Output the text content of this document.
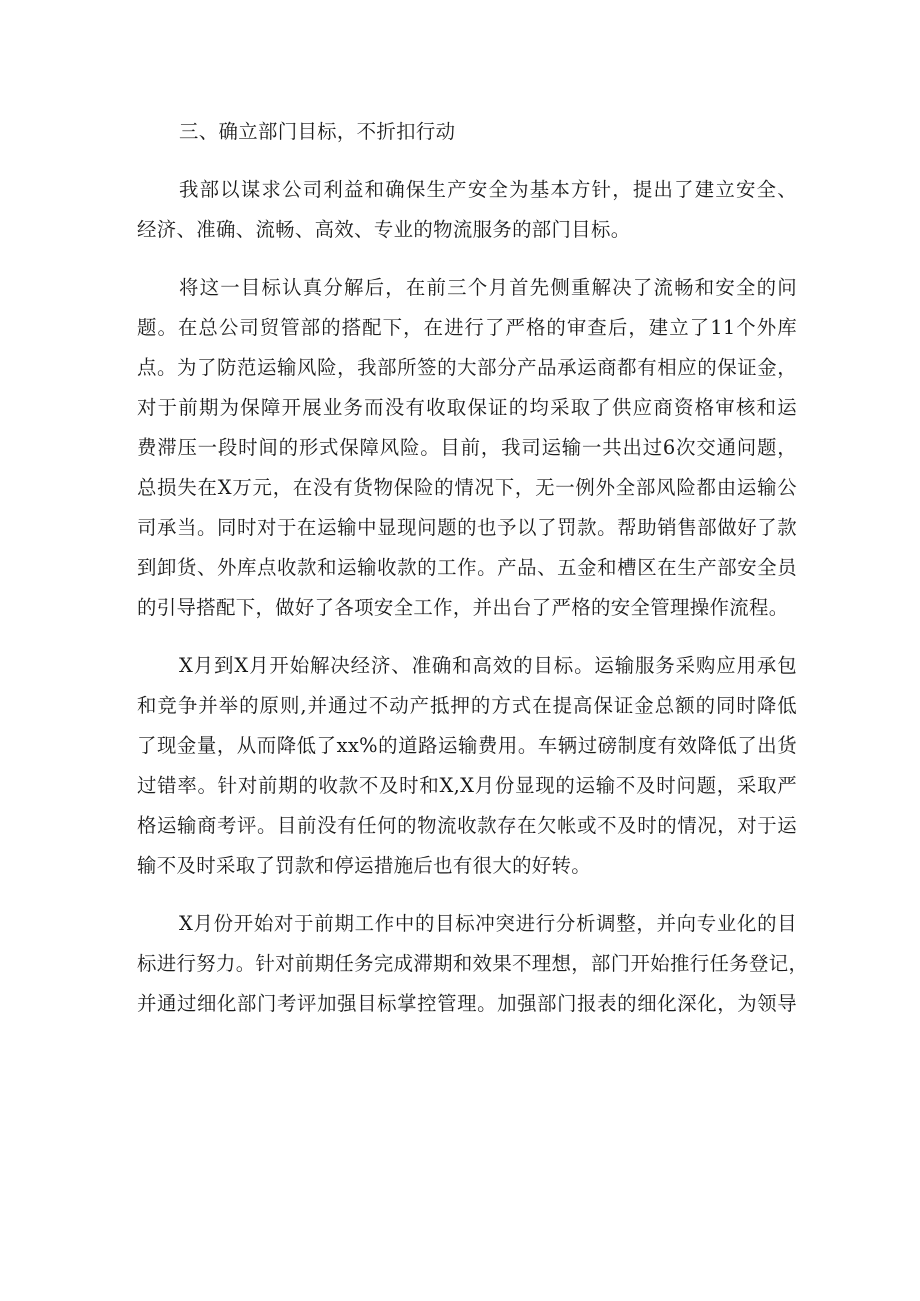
三、确立部门目标，不折扣行动
我部以谋求公司利益和确保生产安全为基本方针，提出了建立安全、
经济、准确、流畅、高效、专业的物流服务的部门目标。
将这一目标认真分解后，在前三个月首先侧重解决了流畅和安全的问
题。在总公司贸管部的搭配下，在进行了严格的审查后，建立了11个外库
点。为了防范运输风险，我部所签的大部分产品承运商都有相应的保证金，
对于前期为保障开展业务而没有收取保证的均采取了供应商资格审核和运
费滞压一段时间的形式保障风险。目前，我司运输一共出过6次交通问题，
总损失在X万元，在没有货物保险的情况下，无一例外全部风险都由运输公
司承当。同时对于在运输中显现问题的也予以了罚款。帮助销售部做好了款
到卸货、外库点收款和运输收款的工作。产品、五金和槽区在生产部安全员
的引导搭配下，做好了各项安全工作，并出台了严格的安全管理操作流程。
X月到X月开始解决经济、准确和高效的目标。运输服务采购应用承包
和竞争并举的原则,并通过不动产抵押的方式在提高保证金总额的同时降低
了现金量，从而降低了xx%的道路运输费用。车辆过磅制度有效降低了出货
过错率。针对前期的收款不及时和X,X月份显现的运输不及时问题，采取严
格运输商考评。目前没有任何的物流收款存在欠帐或不及时的情况，对于运
输不及时采取了罚款和停运措施后也有很大的好转。
X月份开始对于前期工作中的目标冲突进行分析调整，并向专业化的目
标进行努力。针对前期任务完成滞期和效果不理想，部门开始推行任务登记，
并通过细化部门考评加强目标掌控管理。加强部门报表的细化深化，为领导
